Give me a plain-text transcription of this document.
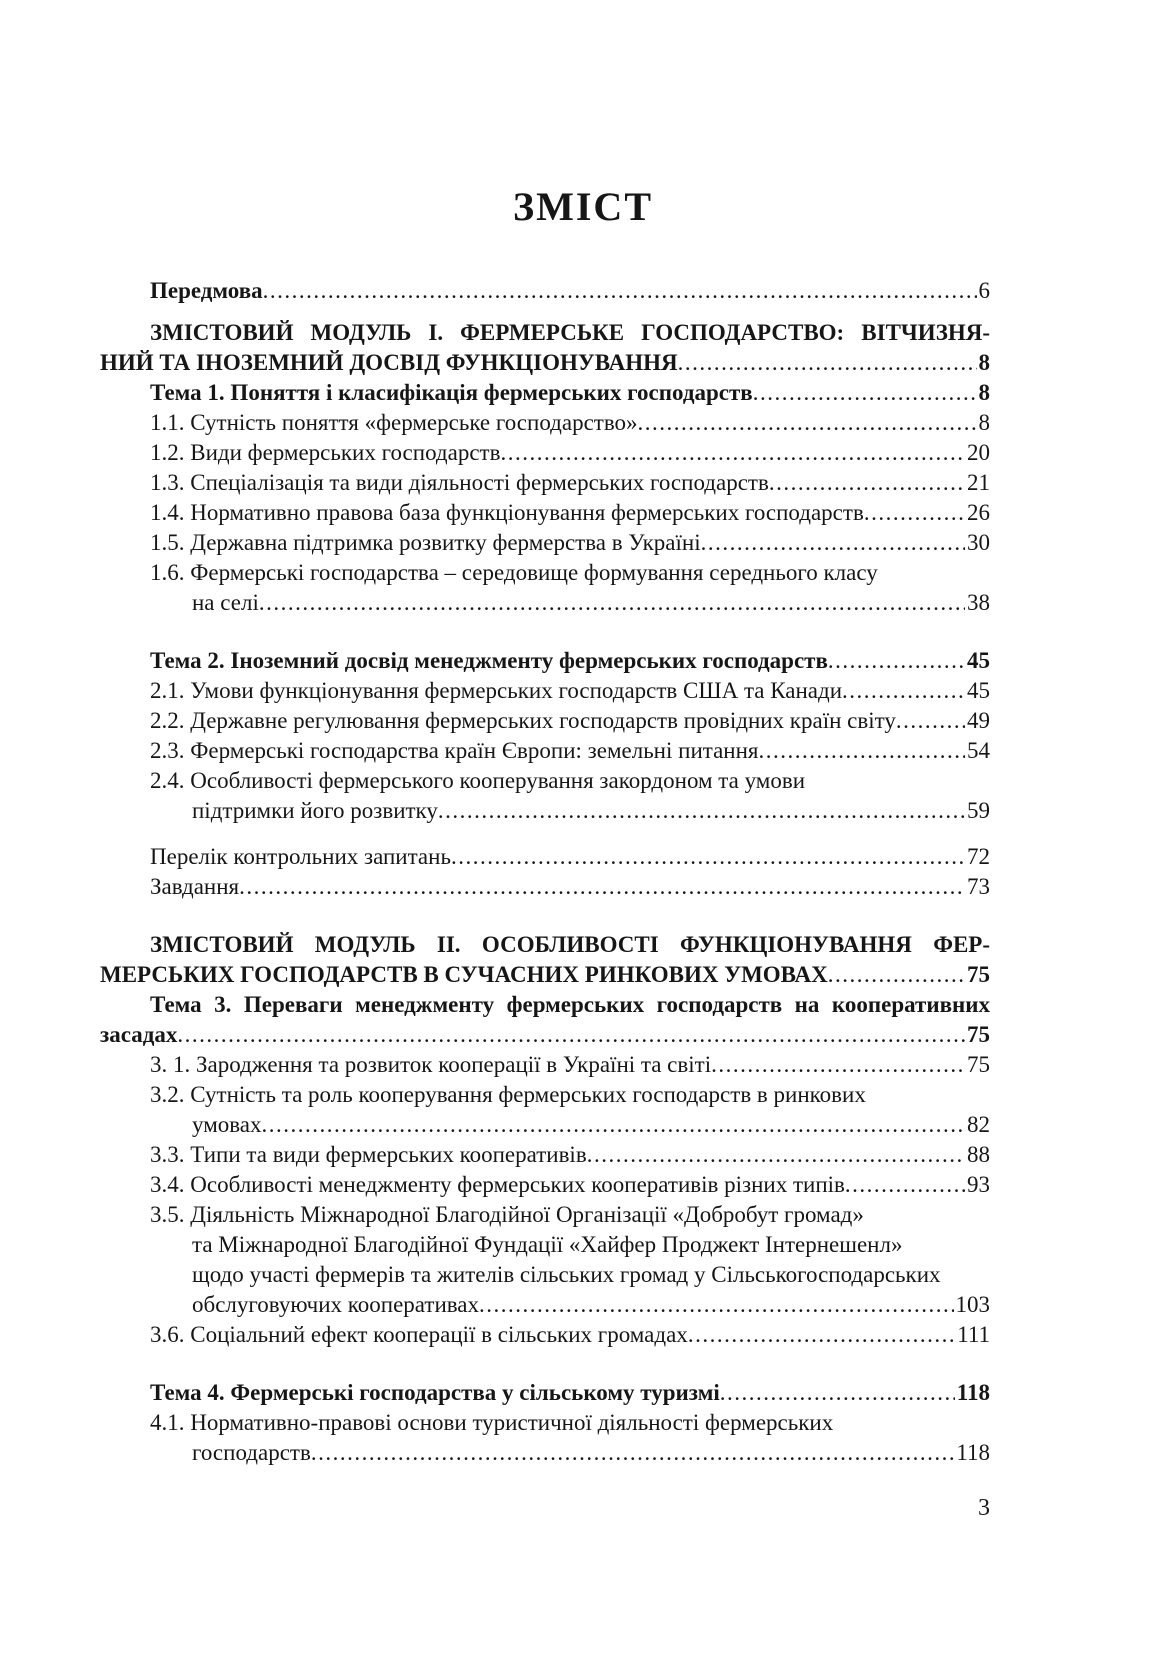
ЗМІСТ
Передмова .....	6
ЗМІСТОВИЙ МОДУЛЬ І. ФЕРМЕРСЬКЕ ГОСПОДАРСТВО: ВІТЧИЗНЯ-
НИЙ ТА ІНОЗЕМНИЙ ДОСВІД ФУНКЦІОНУВАННЯ .....	8
Тема 1. Поняття і класифікація фермерських господарств .....	8
1.1. Сутність поняття «фермерське господарство» .....	8
1.2. Види фермерських господарств .....	20
1.3. Спеціалізація та види діяльності фермерських господарств .....	21
1.4. Нормативно правова база функціонування фермерських господарств .....	26
1.5. Державна підтримка розвитку фермерства в Україні .....	30
1.6. Фермерські господарства – середовище формування середнього класу
на селі .....	38
Тема 2. Іноземний досвід менеджменту фермерських господарств .....	45
2.1. Умови функціонування фермерських господарств США та Канади .....	45
2.2. Державне регулювання фермерських господарств провідних країн світу .....	49
2.3. Фермерські господарства країн Європи: земельні питання .....	54
2.4. Особливості фермерського кооперування закордоном та умови
підтримки його розвитку .....	59
Перелік контрольних запитань .....	72
Завдання .....	73
ЗМІСТОВИЙ МОДУЛЬ ІІ. ОСОБЛИВОСТІ ФУНКЦІОНУВАННЯ ФЕР-
МЕРСЬКИХ ГОСПОДАРСТВ В СУЧАСНИХ РИНКОВИХ УМОВАХ .....	75
Тема 3. Переваги менеджменту фермерських господарств на кооперативних
засадах .....	75
3. 1. Зародження та розвиток кооперації в Україні та світі .....	75
3.2. Сутність та роль кооперування фермерських господарств в ринкових
умовах .....	82
3.3. Типи та види фермерських кооперативів .....	88
3.4. Особливості менеджменту фермерських кооперативів різних типів .....	93
3.5. Діяльність Міжнародної Благодійної Організації «Добробут громад»
та Міжнародної Благодійної Фундації «Хайфер Проджект Інтернешенл»
щодо участі фермерів та жителів сільських громад у Сільськогосподарських
обслуговуючих кооперативах .....	103
3.6. Соціальний ефект кооперації в сільських громадах .....	111
Тема 4. Фермерські господарства у сільському туризмі .....	118
4.1. Нормативно-правові основи туристичної діяльності фермерських
господарств .....	118
3
